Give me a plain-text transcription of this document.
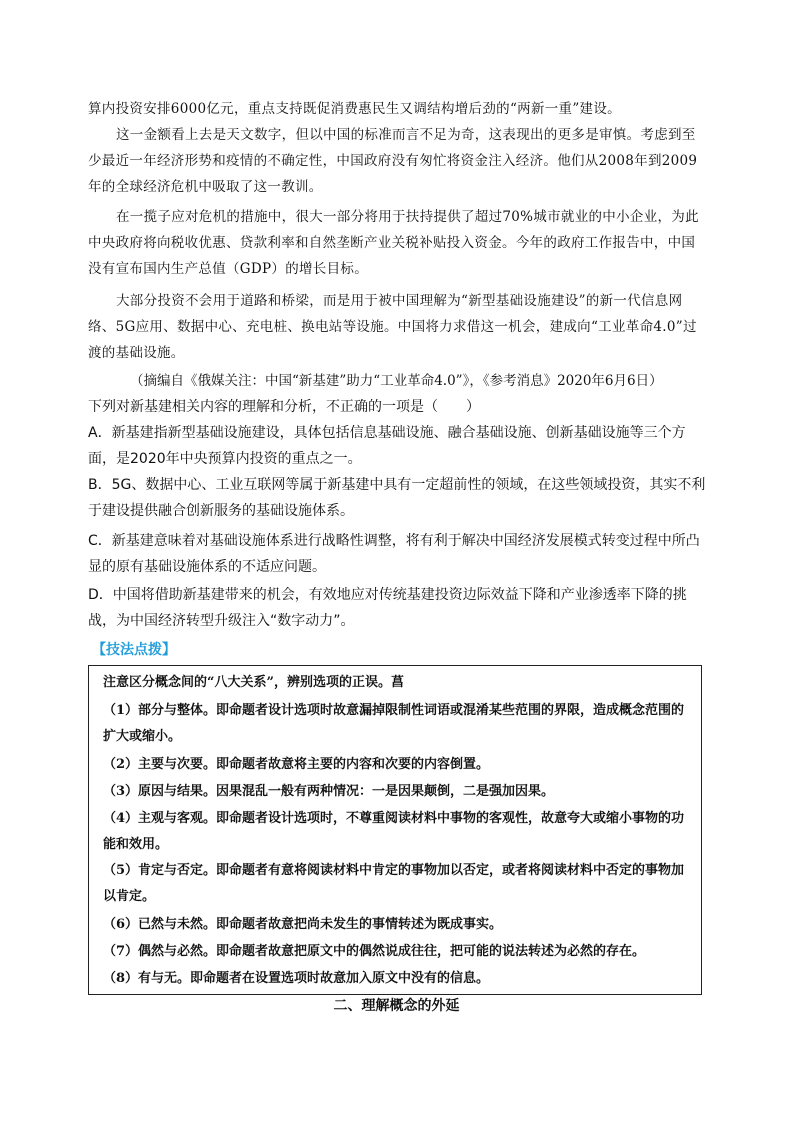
算内投资安排6000亿元，重点支持既促消费惠民生又调结构增后劲的“两新一重”建设。
这一金额看上去是天文数字，但以中国的标准而言不足为奇，这表现出的更多是审慎。考虑到至少最近一年经济形势和疫情的不确定性，中国政府没有匆忙将资金注入经济。他们从2008年到2009年的全球经济危机中吸取了这一教训。
在一揽子应对危机的措施中，很大一部分将用于扶持提供了超过70%城市就业的中小企业，为此中央政府将向税收优惠、贷款利率和自然垄断产业关税补贴投入资金。今年的政府工作报告中，中国没有宣布国内生产总值（GDP）的增长目标。
大部分投资不会用于道路和桥梁，而是用于被中国理解为“新型基础设施建设”的新一代信息网络、5G应用、数据中心、充电桩、换电站等设施。中国将力求借这一机会，建成向“工业革命4.0”过渡的基础设施。
（摘编自《俄媒关注：中国“新基建”助力“工业革命4.0”》，《参考消息》2020年6月6日）
下列对新基建相关内容的理解和分析，不正确的一项是（　　）
A．新基建指新型基础设施建设，具体包括信息基础设施、融合基础设施、创新基础设施等三个方面，是2020年中央预算内投资的重点之一。
B．5G、数据中心、工业互联网等属于新基建中具有一定超前性的领域，在这些领域投资，其实不利于建设提供融合创新服务的基础设施体系。
C．新基建意味着对基础设施体系进行战略性调整，将有利于解决中国经济发展模式转变过程中所凸显的原有基础设施体系的不适应问题。
D．中国将借助新基建带来的机会，有效地应对传统基建投资边际效益下降和产业渗透率下降的挑战，为中国经济转型升级注入“数字动力”。
【技法点拨】
注意区分概念间的“八大关系”，辨别选项的正误。菖
（1）部分与整体。即命题者设计选项时故意漏掉限制性词语或混淆某些范围的界限，造成概念范围的扩大或缩小。
（2）主要与次要。即命题者故意将主要的内容和次要的内容倒置。
（3）原因与结果。因果混乱一般有两种情况：一是因果颠倒，二是强加因果。
（4）主观与客观。即命题者设计选项时，不尊重阅读材料中事物的客观性，故意夸大或缩小事物的功能和效用。
（5）肯定与否定。即命题者有意将阅读材料中肯定的事物加以否定，或者将阅读材料中否定的事物加以肯定。
（6）已然与未然。即命题者故意把尚未发生的事情转述为既成事实。
（7）偶然与必然。即命题者故意把原文中的偶然说成往往，把可能的说法转述为必然的存在。
（8）有与无。即命题者在设置选项时故意加入原文中没有的信息。
二、理解概念的外延
